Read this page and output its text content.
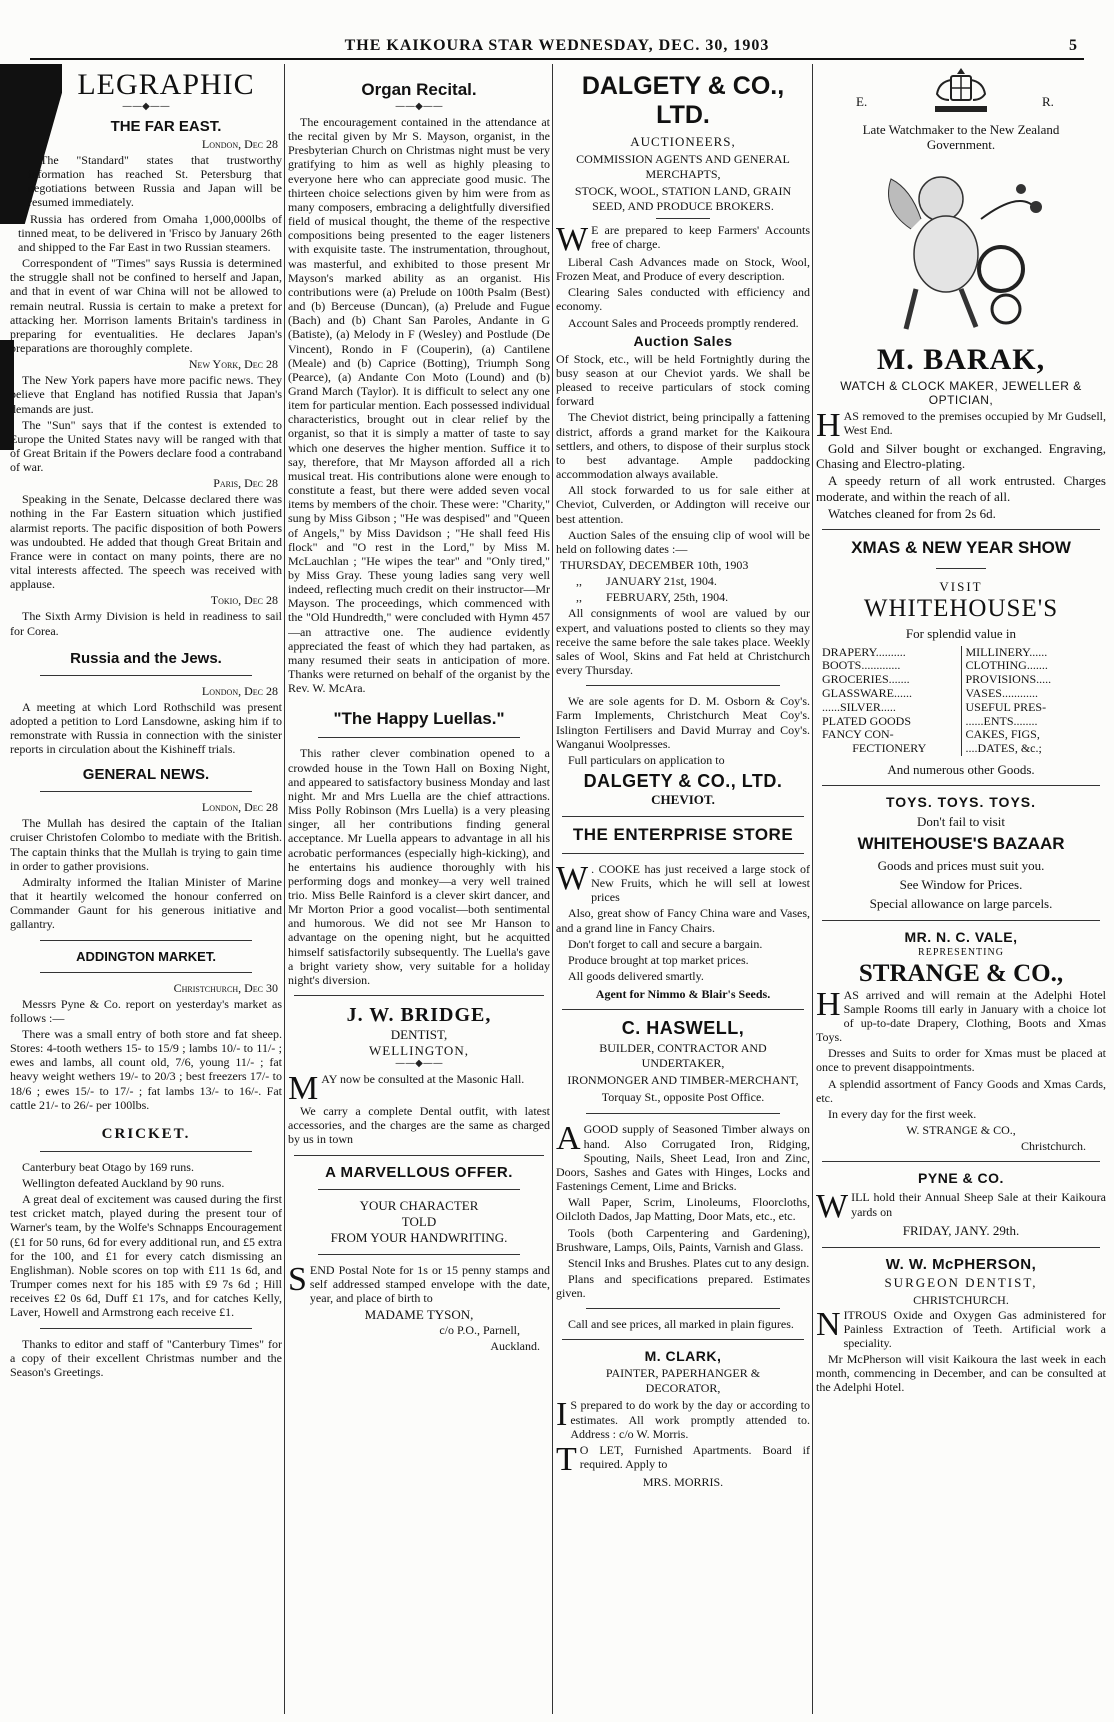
THE KAIKOURA STAR WEDNESDAY, DEC. 30, 1903	5
LEGRAPHIC
——◆——
THE FAR EAST.
London, Dec 28

The "Standard" states that trustworthy information has reached St. Petersburg that negotiations between Russia and Japan will be resumed immediately.

Russia has ordered from Omaha 1,000,000lbs of tinned meat, to be delivered in 'Frisco by January 26th and shipped to the Far East in two Russian steamers.

Correspondent of "Times" says Russia is determined the struggle shall not be confined to herself and Japan, and that in event of war China will not be allowed to remain neutral. Russia is certain to make a pretext for attacking her. Morrison laments Britain's tardiness in preparing for eventualities. He declares Japan's preparations are thoroughly complete.

New York, Dec 28

The New York papers have more pacific news. They believe that England has notified Russia that Japan's demands are just.

The "Sun" says that if the contest is extended to Europe the United States navy will be ranged with that of Great Britain if the Powers declare food a contraband of war.

Paris, Dec 28

Speaking in the Senate, Delcasse declared there was nothing in the Far Eastern situation which justified alarmist reports. The pacific disposition of both Powers was undoubted. He added that though Great Britain and France were in contact on many points, there are no vital interests affected. The speech was received with applause.

Tokio, Dec 28

The Sixth Army Division is held in readiness to sail for Corea.

Russia and the Jews.
London, Dec 28

A meeting at which Lord Rothschild was present adopted a petition to Lord Lansdowne, asking him if to remonstrate with Russia in connection with the sinister reports in circulation about the Kishineff trials.

GENERAL NEWS.
London, Dec 28

The Mullah has desired the captain of the Italian cruiser Christofen Colombo to mediate with the British. The captain thinks that the Mullah is trying to gain time in order to gather provisions.

Admiralty informed the Italian Minister of Marine that it heartily welcomed the honour conferred on Commander Gaunt for his generous initiative and gallantry.

ADDINGTON MARKET.
Christchurch, Dec 30

Messrs Pyne & Co. report on yesterday's market as follows :—

There was a small entry of both store and fat sheep. Stores: 4-tooth wethers 15- to 15/9 ; lambs 10/- to 11/- ; ewes and lambs, all count old, 7/6, young 11/- ; fat heavy weight wethers 19/- to 20/3 ; best freezers 17/- to 18/6 ; ewes 15/- to 17/- ; fat lambs 13/- to 16/-. Fat cattle 21/- to 26/- per 100lbs.

CRICKET.

Canterbury beat Otago by 169 runs.

Wellington defeated Auckland by 90 runs.

A great deal of excitement was caused during the first test cricket match, played during the present tour of Warner's team, by the Wolfe's Schnapps Encouragement (£1 for 50 runs, 6d for every additional run, and £5 extra for the 100, and £1 for every catch dismissing an Englishman). Noble scores on top with £11 1s 6d, and Trumper comes next for his 185 with £9 7s 6d ; Hill receives £2 0s 6d, Duff £1 17s, and for catches Kelly, Laver, Howell and Armstrong each receive £1.

Thanks to editor and staff of "Canterbury Times" for a copy of their excellent Christmas number and the Season's Greetings.

Organ Recital.
——◆——

The encouragement contained in the attendance at the recital given by Mr S. Mayson, organist, in the Presbyterian Church on Christmas night must be very gratifying to him as well as highly pleasing to everyone here who can appreciate good music. The thirteen choice selections given by him were from as many composers, embracing a delightfully diversified field of musical thought, the theme of the respective compositions being presented to the eager listeners with exquisite taste. The instrumentation, throughout, was masterful, and exhibited to those present Mr Mayson's marked ability as an organist. His contributions were (a) Prelude on 100th Psalm (Best) and (b) Berceuse (Duncan), (a) Prelude and Fugue (Bach) and (b) Chant San Paroles, Andante in G (Batiste), (a) Melody in F (Wesley) and Postlude (De Vincent), Rondo in F (Couperin), (a) Cantilene (Meale) and (b) Caprice (Botting), Triumph Song (Pearce), (a) Andante Con Moto (Lound) and (b) Grand March (Taylor). It is difficult to select any one item for particular mention. Each possessed individual characteristics, brought out in clear relief by the organist, so that it is simply a matter of taste to say which one deserves the higher mention. Suffice it to say, therefore, that Mr Mayson afforded all a rich musical treat. His contributions alone were enough to constitute a feast, but there were added seven vocal items by members of the choir. These were: "Charity," sung by Miss Gibson ; "He was despised" and "Queen of Angels," by Miss Davidson ; "He shall feed His flock" and "O rest in the Lord," by Miss M. McLauchlan ; "He wipes the tear" and "Only tired," by Miss Gray. These young ladies sang very well indeed, reflecting much credit on their instructor—Mr Mayson. The proceedings, which commenced with the "Old Hundredth," were concluded with Hymn 457—an attractive one. The audience evidently appreciated the feast of which they had partaken, as many resumed their seats in anticipation of more. Thanks were returned on behalf of the organist by the Rev. W. McAra.

"The Happy Luellas."

This rather clever combination opened to a crowded house in the Town Hall on Boxing Night, and appeared to satisfactory business Monday and last night. Mr and Mrs Luella are the chief attractions. Miss Polly Robinson (Mrs Luella) is a very pleasing singer, all her contributions finding general acceptance. Mr Luella appears to advantage in all his acrobatic performances (especially high-kicking), and he entertains his audience thoroughly with his performing dogs and monkey—a very well trained trio. Miss Belle Rainford is a clever skirt dancer, and Mr Morton Prior a good vocalist—both sentimental and humorous. We did not see Mr Hanson to advantage on the opening night, but he acquitted himself satisfactorily subsequently. The Luella's gave a bright variety show, very suitable for a holiday night's diversion.

J. W. BRIDGE,
DENTIST,
WELLINGTON,
——◆——

MAY now be consulted at the Masonic Hall.

We carry a complete Dental outfit, with latest accessories, and the charges are the same as charged by us in town

A MARVELLOUS OFFER.
YOUR CHARACTER
TOLD
FROM YOUR HANDWRITING.

SEND Postal Note for 1s or 15 penny stamps and self addressed stamped envelope with the date, year, and place of birth to

MADAME TYSON,
c/o P.O., Parnell,
Auckland.
DALGETY & CO., LTD.
AUCTIONEERS,
COMMISSION AGENTS AND GENERAL MERCHAPTS,
STOCK, WOOL, STATION LAND, GRAIN SEED, AND PRODUCE BROKERS.

W E are prepared to keep Farmers' Accounts free of charge.

Liberal Cash Advances made on Stock, Wool, Frozen Meat, and Produce of every description.

Clearing Sales conducted with efficiency and economy.

Account Sales and Proceeds promptly rendered.

Auction Sales

Of Stock, etc., will be held Fortnightly during the busy season at our Cheviot yards. We shall be pleased to receive particulars of stock coming forward

The Cheviot district, being principally a fattening district, affords a grand market for the Kaikoura settlers, and others, to dispose of their surplus stock to best advantage. Ample paddocking accommodation always available.

All stock forwarded to us for sale either at Cheviot, Culverden, or Addington will receive our best attention.

Auction Sales of the ensuing clip of wool will be held on following dates :—

THURSDAY, DECEMBER 10th, 1903
,, JANUARY 21st, 1904.
,, FEBRUARY, 25th, 1904.

All consignments of wool are valued by our expert, and valuations posted to clients so they may receive the same before the sale takes place. Weekly sales of Wool, Skins and Fat held at Christchurch every Thursday.

We are sole agents for D. M. Osborn & Coy's. Farm Implements, Christchurch Meat Coy's. Islington Fertilisers and David Murray and Coy's. Wanganui Woolpresses.

Full particulars on application to

DALGETY & CO., LTD.
CHEVIOT.
THE ENTERPRISE STORE

W . COOKE has just received a large stock of New Fruits, which he will sell at lowest prices

Also, great show of Fancy China ware and Vases, and a grand line in Fancy Chairs.

Don't forget to call and secure a bargain.

Produce brought at top market prices.

All goods delivered smartly.

Agent for Nimmo & Blair's Seeds.
C. HASWELL,
BUILDER, CONTRACTOR AND UNDERTAKER,
IRONMONGER AND TIMBER-MERCHANT,
Torquay St., opposite Post Office.

AGOOD supply of Seasoned Timber always on hand. Also Corrugated Iron, Ridging, Spouting, Nails, Sheet Lead, Iron and Zinc, Doors, Sashes and Gates with Hinges, Locks and Fastenings Cement, Lime and Bricks.

Wall Paper, Scrim, Linoleums, Floorcloths, Oilcloth Dados, Jap Matting, Door Mats, etc., etc.

Tools (both Carpentering and Gardening), Brushware, Lamps, Oils, Paints, Varnish and Glass.

Stencil Inks and Brushes. Plates cut to any design.

Plans and specifications prepared. Estimates given.

Call and see prices, all marked in plain figures.

M. CLARK,
PAINTER, PAPERHANGER & DECORATOR,

I S prepared to do work by the day or according to estimates. All work promptly attended to. Address : c/o W. Morris.

T O LET, Furnished Apartments. Board if required. Apply to

MRS. MORRIS.
E.	R.
Late Watchmaker to the New Zealand Government.
M. BARAK,
WATCH & CLOCK MAKER, JEWELLER & OPTICIAN,

HAS removed to the premises occupied by Mr Gudsell, West End.

Gold and Silver bought or exchanged. Engraving, Chasing and Electro-plating.

A speedy return of all work entrusted. Charges moderate, and within the reach of all.

Watches cleaned for from 2s 6d.

XMAS & NEW YEAR SHOW
VISIT
WHITEHOUSE'S
For splendid value in
DRAPERY..........
BOOTS.............
GROCERIES.......
GLASSWARE......
......SILVER.....
PLATED GOODS
FANCY CON-
FECTIONERY
MILLINERY......
CLOTHING.......
PROVISIONS.....
VASES............
USEFUL PRES-
......ENTS........
CAKES, FIGS,
....DATES, &c.;
And numerous other Goods.
TOYS. TOYS. TOYS.
Don't fail to visit
WHITEHOUSE'S BAZAAR
Goods and prices must suit you.
See Window for Prices.
Special allowance on large parcels.
MR. N. C. VALE,
REPRESENTING
STRANGE & CO.,

HAS arrived and will remain at the Adelphi Hotel Sample Rooms till early in January with a choice lot of up-to-date Drapery, Clothing, Boots and Xmas Toys.

Dresses and Suits to order for Xmas must be placed at once to prevent disappointments.

A splendid assortment of Fancy Goods and Xmas Cards, etc.

In every day for the first week.

W. STRANGE & CO.,
Christchurch.
PYNE & CO.

WILL hold their Annual Sheep Sale at their Kaikoura yards on

FRIDAY, JANY. 29th.
W. W. McPHERSON,
SURGEON DENTIST,
CHRISTCHURCH.

NITROUS Oxide and Oxygen Gas administered for Painless Extraction of Teeth. Artificial work a speciality.

Mr McPherson will visit Kaikoura the last week in each month, commencing in December, and can be consulted at the Adelphi Hotel.
